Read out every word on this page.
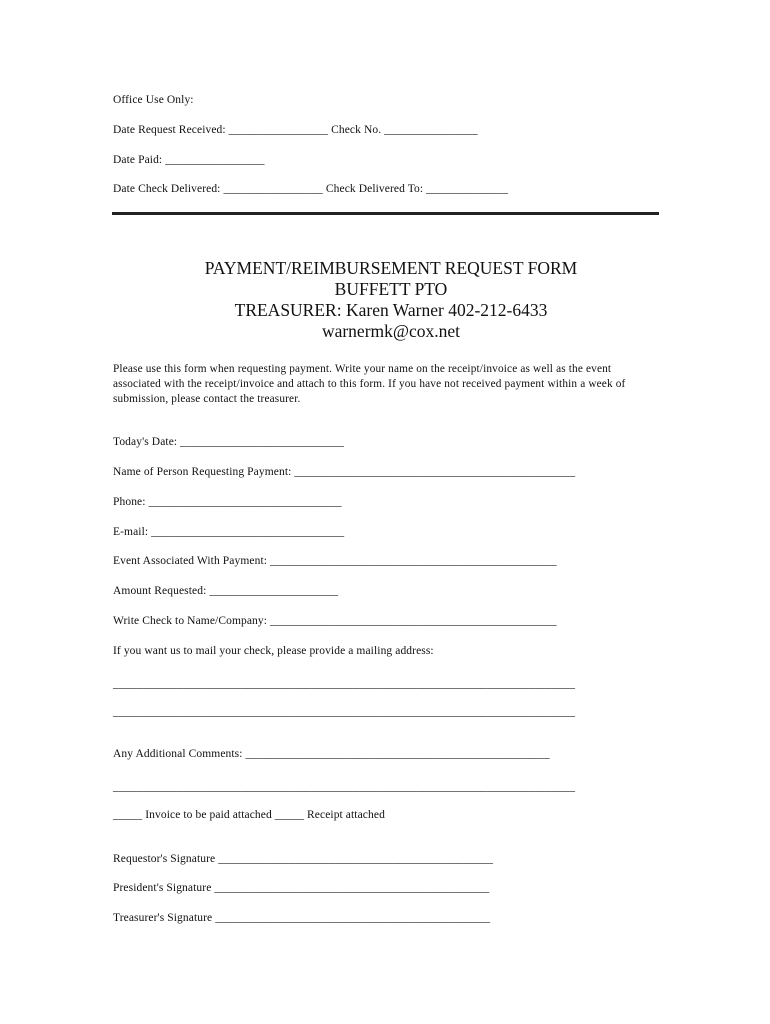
Office Use Only:
Date Request Received: _________________ Check No. ________________
Date Paid: _________________
Date Check Delivered: _________________ Check Delivered To: ______________
PAYMENT/REIMBURSEMENT REQUEST FORM
BUFFETT PTO
TREASURER: Karen Warner 402-212-6433
warnermk@cox.net
Please use this form when requesting payment. Write your name on the receipt/invoice as well as the event associated with the receipt/invoice and attach to this form. If you have not received payment within a week of submission, please contact the treasurer.
Today's Date: ____________________________
Name of Person Requesting Payment: ________________________________________________
Phone: _________________________________
E-mail: _________________________________
Event Associated With Payment: _________________________________________________
Amount Requested: ______________________
Write Check to Name/Company: _________________________________________________
If you want us to mail your check, please provide a mailing address:
_______________________________________________________________________________
_______________________________________________________________________________
Any Additional Comments: ____________________________________________________
_______________________________________________________________________________
_____ Invoice to be paid attached _____ Receipt attached
Requestor's Signature _______________________________________________
President's Signature _______________________________________________
Treasurer's Signature _______________________________________________
